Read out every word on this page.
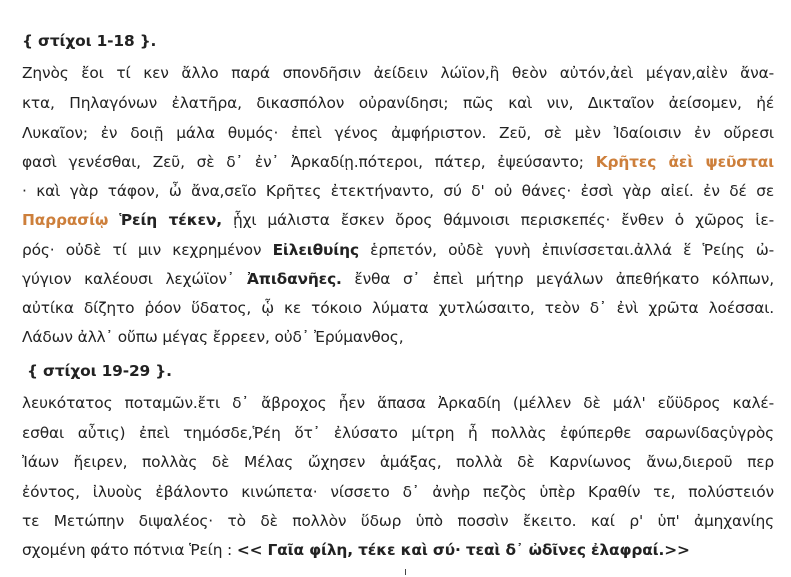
{ στίχοι 1-18 }.
Ζηνὸς ἔοι τί κεν ἄλλο παρά σπονδῆσιν ἀείδειν λώϊον,ἢ θεὸν αὐτόν,ἀεὶ μέγαν,αἰὲν ἄνα-
κτα, Πηλαγόνων ἐλατῆρα, δικασπόλον οὐρανίδησι; πῶς καὶ νιν, Δικταῖον ἀείσομεν, ἠέ
Λυκαῖον; ἐν δοιῇ μάλα θυμός· ἐπεὶ γένος ἀμφήριστον. Ζεῦ, σὲ μὲν Ἰδαίοισιν ἐν οὔρεσι
φασὶ γενέσθαι, Ζεῦ, σὲ δ᾽ ἐν᾽ Ἀρκαδίῃ.πότεροι, πάτερ, ἐψεύσαντο; Κρῆτες ἀεὶ ψεῦσται
· καὶ γὰρ τάφον, ὦ ἄνα,σεῖο Κρῆτες ἐτεκτήναντο, σύ δ' οὐ θάνες· ἐσσὶ γὰρ αἰεί. ἐν δέ σε
Παρρασίῳ Ῥείη τέκεν, ᾗχι μάλιστα ἔσκεν ὄρος θάμνοισι περισκεπές· ἔνθεν ὁ χῶρος ἱε-
ρός· οὐδὲ τί μιν κεχρημένον Εἰλειθυίης ἑρπετόν, οὐδὲ γυνὴ ἐπινίσσεται.ἀλλά ἕ Ῥείης ὠ-
γύγιον καλέουσι λεχώϊον᾽ Ἀπιδανῆες. ἔνθα σ᾽ ἐπεὶ μήτηρ μεγάλων ἀπεθήκατο κόλπων,
αὐτίκα δίζητο ῥόον ὕδατος, ᾧ κε τόκοιο λύματα χυτλώσαιτο, τεὸν δ᾽ ἐνὶ χρῶτα λοέσσαι.
Λάδων ἀλλ᾽ οὔπω μέγας ἔρρεεν, οὐδ᾽ Ἐρύμανθος,
{ στίχοι 19-29 }.
λευκότατος ποταμῶν.ἔτι δ᾽ ἄβροχος ἦεν ἅπασα Ἀρκαδίη (μέλλεν δὲ μάλ' εὔϋδρος καλέ-
εσθαι αὖτις) ἐπεὶ τημόσδε,Ῥέη ὅτ᾽ ἐλύσατο μίτρη ἦ πολλὰς ἐφύπερθε σαρωνίδαςὑγρὸς
Ἰάων ἤειρεν, πολλὰς δὲ Μέλας ὤχησεν ἁμάξας, πολλὰ δὲ Καρνίωνος ἄνω,διεροῦ περ
ἐόντος, ἰλυοὺς ἐβάλοντο κινώπετα· νίσσετο δ᾽ ἀνὴρ πεζὸς ὑπὲρ Κραθίν τε, πολύστειόν
τε Μετώπην διψαλέος· τὸ δὲ πολλὸν ὕδωρ ὑπὸ ποσσὶν ἔκειτο. καί ρ' ὑπ' ἀμηχανίης
σχομένη φάτο πότνια Ῥείη : << Γαῖα φίλη, τέκε καὶ σύ· τεαὶ δ᾽ ὠδῖνες ἐλαφραί.>>
